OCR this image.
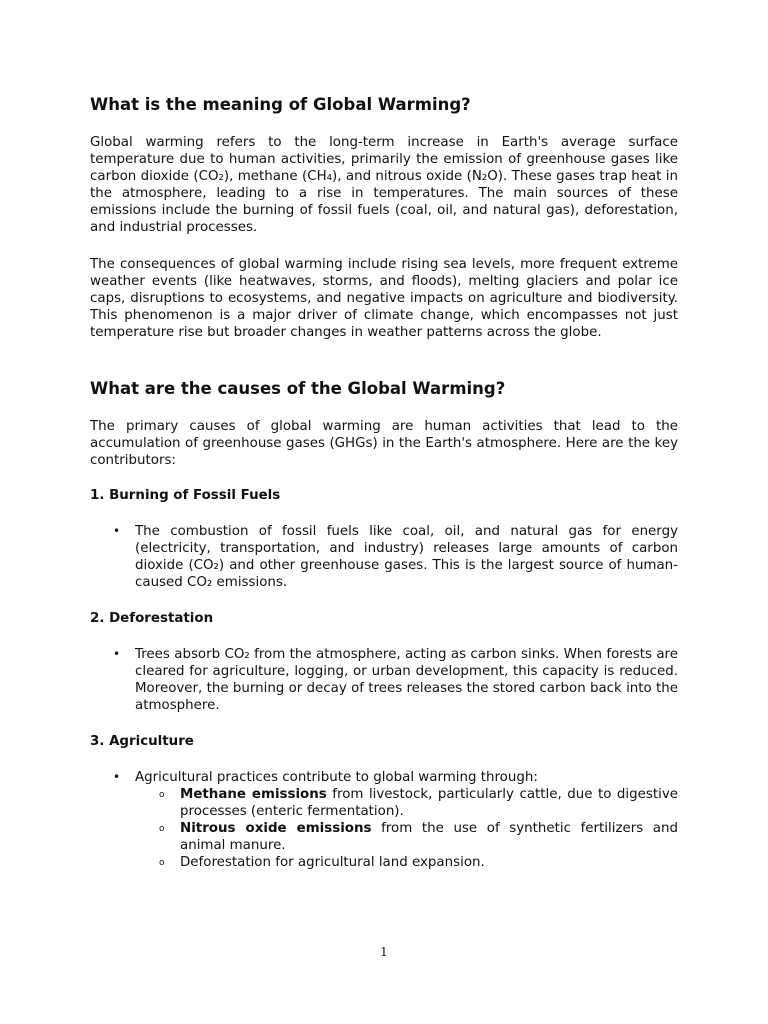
What is the meaning of Global Warming?

Global warming refers to the long-term increase in Earth's average surface temperature due to human activities, primarily the emission of greenhouse gases like carbon dioxide (CO₂), methane (CH₄), and nitrous oxide (N₂O). These gases trap heat in the atmosphere, leading to a rise in temperatures. The main sources of these emissions include the burning of fossil fuels (coal, oil, and natural gas), deforestation, and industrial processes.

The consequences of global warming include rising sea levels, more frequent extreme weather events (like heatwaves, storms, and floods), melting glaciers and polar ice caps, disruptions to ecosystems, and negative impacts on agriculture and biodiversity. This phenomenon is a major driver of climate change, which encompasses not just temperature rise but broader changes in weather patterns across the globe.

What are the causes of the Global Warming?

The primary causes of global warming are human activities that lead to the accumulation of greenhouse gases (GHGs) in the Earth's atmosphere. Here are the key contributors:

1. Burning of Fossil Fuels
• The combustion of fossil fuels like coal, oil, and natural gas for energy (electricity, transportation, and industry) releases large amounts of carbon dioxide (CO₂) and other greenhouse gases. This is the largest source of human-caused CO₂ emissions.
2. Deforestation
• Trees absorb CO₂ from the atmosphere, acting as carbon sinks. When forests are cleared for agriculture, logging, or urban development, this capacity is reduced. Moreover, the burning or decay of trees releases the stored carbon back into the atmosphere.
3. Agriculture
• Agricultural practices contribute to global warming through:
o Methane emissions from livestock, particularly cattle, due to digestive processes (enteric fermentation).
o Nitrous oxide emissions from the use of synthetic fertilizers and animal manure.
o Deforestation for agricultural land expansion.
1
